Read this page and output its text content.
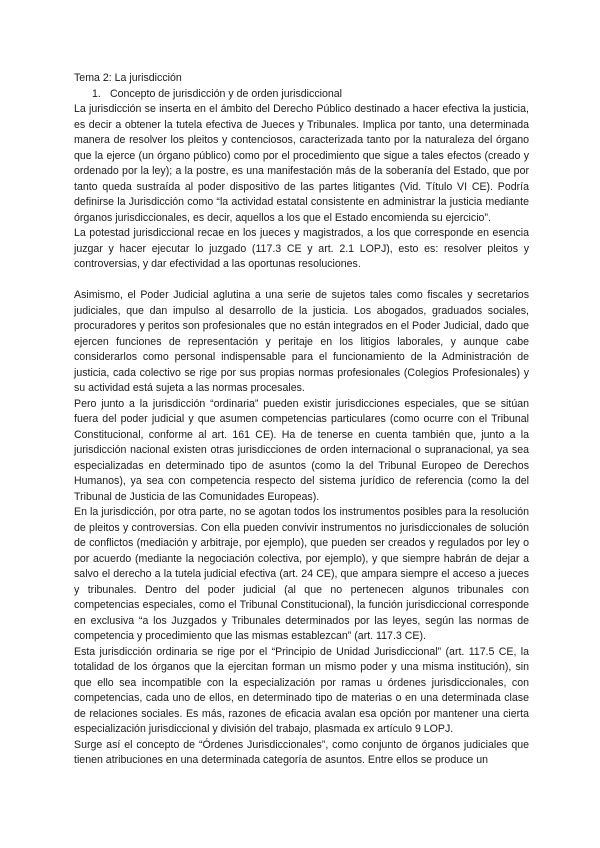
Tema 2: La jurisdicción

1. Concepto de jurisdicción y de orden jurisdiccional

La jurisdicción se inserta en el ámbito del Derecho Público destinado a hacer efectiva la justicia, es decir a obtener la tutela efectiva de Jueces y Tribunales. Implica por tanto, una determinada manera de resolver los pleitos y contenciosos, caracterizada tanto por la naturaleza del órgano que la ejerce (un órgano público) como por el procedimiento que sigue a tales efectos (creado y ordenado por la ley); a la postre, es una manifestación más de la soberanía del Estado, que por tanto queda sustraída al poder dispositivo de las partes litigantes (Vid. Título VI CE). Podría definirse la Jurisdicción como “la actividad estatal consistente en administrar la justicia mediante órganos jurisdiccionales, es decir, aquellos a los que el Estado encomienda su ejercicio”.

La potestad jurisdiccional recae en los jueces y magistrados, a los que corresponde en esencia juzgar y hacer ejecutar lo juzgado (117.3 CE y art. 2.1 LOPJ), esto es: resolver pleitos y controversias, y dar efectividad a las oportunas resoluciones.

Asimismo, el Poder Judicial aglutina a una serie de sujetos tales como fiscales y secretarios judiciales, que dan impulso al desarrollo de la justicia. Los abogados, graduados sociales, procuradores y peritos son profesionales que no están integrados en el Poder Judicial, dado que ejercen funciones de representación y peritaje en los litigios laborales, y aunque cabe considerarlos como personal indispensable para el funcionamiento de la Administración de justicia, cada colectivo se rige por sus propias normas profesionales (Colegios Profesionales) y su actividad está sujeta a las normas procesales.

Pero junto a la jurisdicción “ordinaria” pueden existir jurisdicciones especiales, que se sitúan fuera del poder judicial y que asumen competencias particulares (como ocurre con el Tribunal Constitucional, conforme al art. 161 CE). Ha de tenerse en cuenta también que, junto a la jurisdicción nacional existen otras jurisdicciones de orden internacional o supranacional, ya sea especializadas en determinado tipo de asuntos (como la del Tribunal Europeo de Derechos Humanos), ya sea con competencia respecto del sistema jurídico de referencia (como la del Tribunal de Justicia de las Comunidades Europeas).

En la jurisdicción, por otra parte, no se agotan todos los instrumentos posibles para la resolución de pleitos y controversias. Con ella pueden convivir instrumentos no jurisdiccionales de solución de conflictos (mediación y arbitraje, por ejemplo), que pueden ser creados y regulados por ley o por acuerdo (mediante la negociación colectiva, por ejemplo), y que siempre habrán de dejar a salvo el derecho a la tutela judicial efectiva (art. 24 CE), que ampara siempre el acceso a jueces y tribunales. Dentro del poder judicial (al que no pertenecen algunos tribunales con competencias especiales, como el Tribunal Constitucional), la función jurisdiccional corresponde en exclusiva “a los Juzgados y Tribunales determinados por las leyes, según las normas de competencia y procedimiento que las mismas establezcan” (art. 117.3 CE).

Esta jurisdicción ordinaria se rige por el “Principio de Unidad Jurisdiccional” (art. 117.5 CE, la totalidad de los órganos que la ejercitan forman un mismo poder y una misma institución), sin que ello sea incompatible con la especialización por ramas u órdenes jurisdiccionales, con competencias, cada uno de ellos, en determinado tipo de materias o en una determinada clase de relaciones sociales. Es más, razones de eficacia avalan esa opción por mantener una cierta especialización jurisdiccional y división del trabajo, plasmada ex artículo 9 LOPJ.

Surge así el concepto de “Órdenes Jurisdiccionales”, como conjunto de órganos judiciales que tienen atribuciones en una determinada categoría de asuntos. Entre ellos se produce un
